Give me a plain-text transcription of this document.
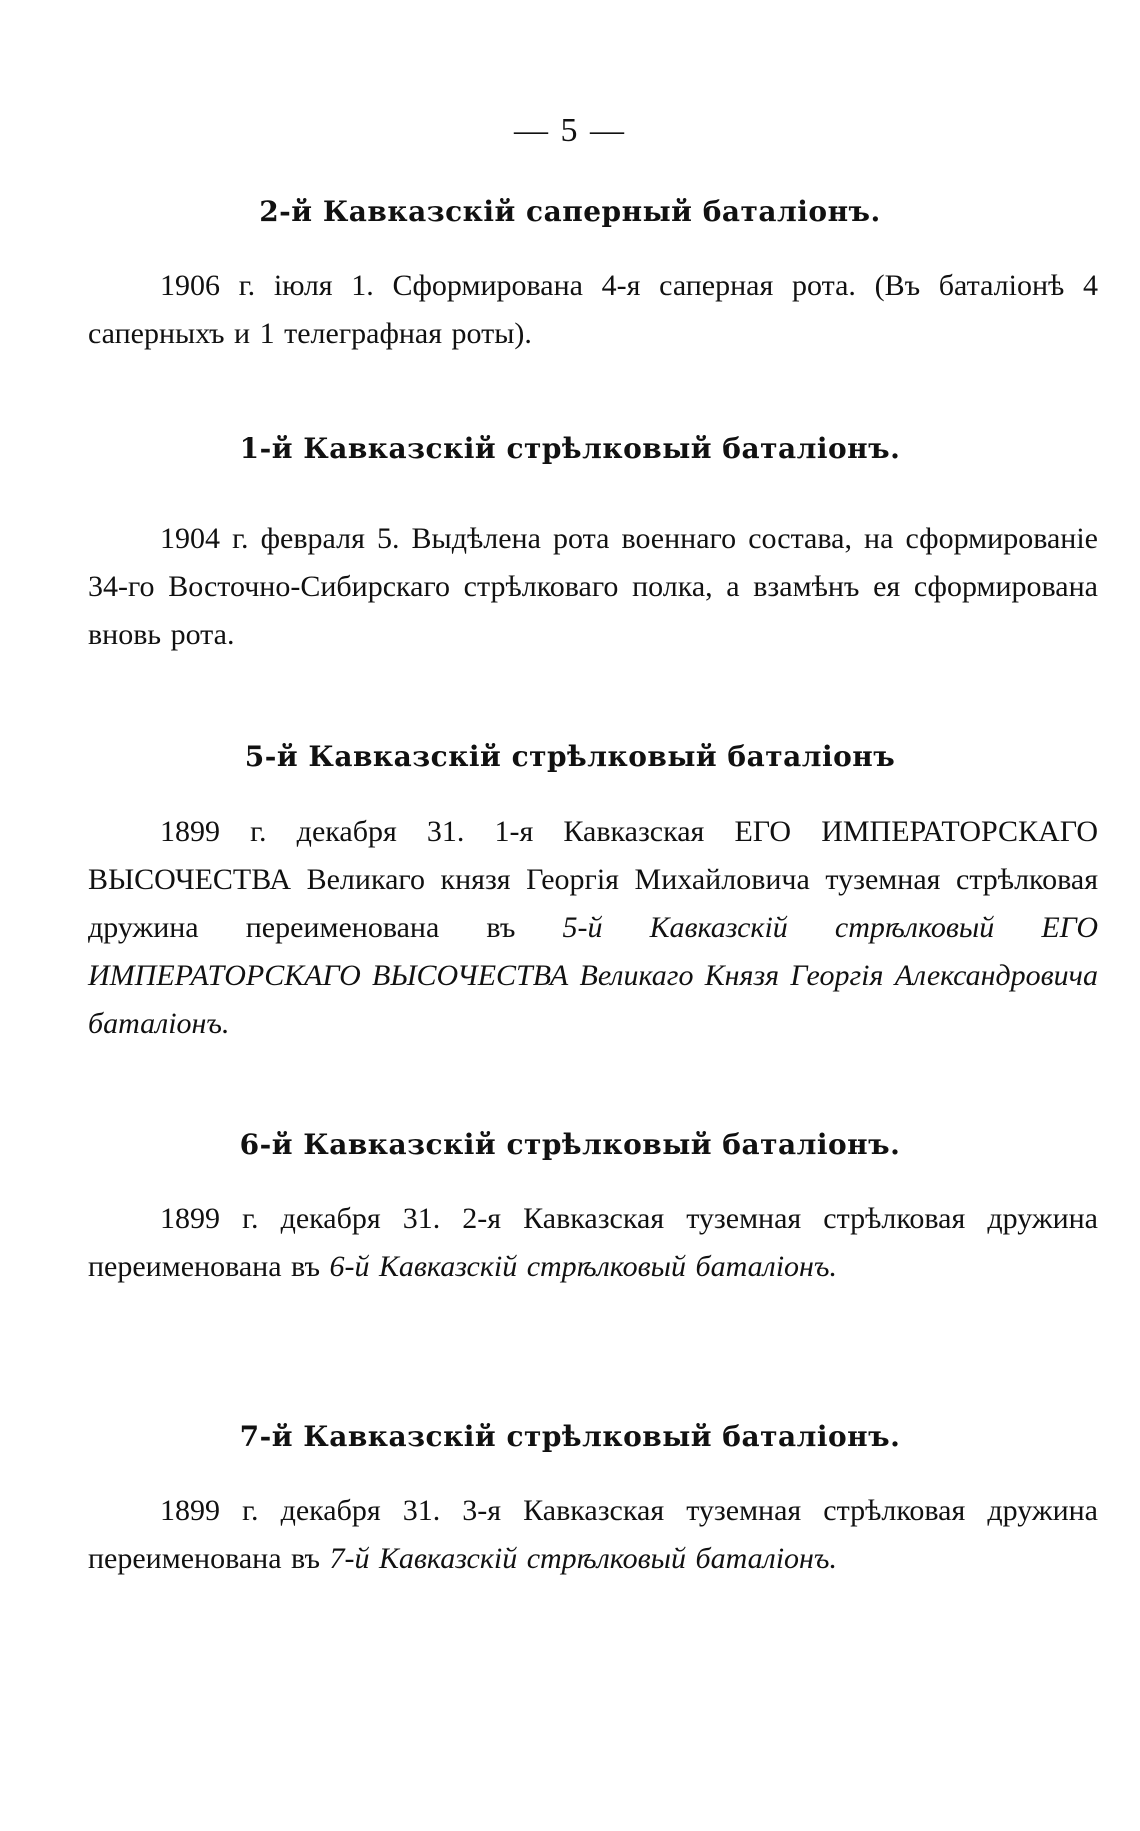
— 5 —
2-й Кавказскій саперный баталіонъ.
1906 г. іюля 1. Сформирована 4-я саперная рота. (Въ баталіонѣ 4 саперныхъ и 1 телеграфная роты).
1-й Кавказскій стрѣлковый баталіонъ.
1904 г. февраля 5. Выдѣлена рота военнаго состава, на сформированіе 34-го Восточно-Сибирскаго стрѣлковаго полка, а взамѣнъ ея сформирована вновь рота.
5-й Кавказскій стрѣлковый баталіонъ
1899 г. декабря 31. 1-я Кавказская ЕГО ИМПЕРАТОРСКАГО ВЫСОЧЕСТВА Великаго князя Георгія Михайловича туземная стрѣлковая дружина переименована въ 5-й Кавказскій стрѣлковый ЕГО ИМПЕРАТОРСКАГО ВЫСОЧЕСТВА Великаго Князя Георгія Александровича баталіонъ.
6-й Кавказскій стрѣлковый баталіонъ.
1899 г. декабря 31. 2-я Кавказская туземная стрѣлковая дружина переименована въ 6-й Кавказскій стрѣлковый баталіонъ.
7-й Кавказскій стрѣлковый баталіонъ.
1899 г. декабря 31. 3-я Кавказская туземная стрѣлковая дружина переименована въ 7-й Кавказскій стрѣлковый баталіонъ.
